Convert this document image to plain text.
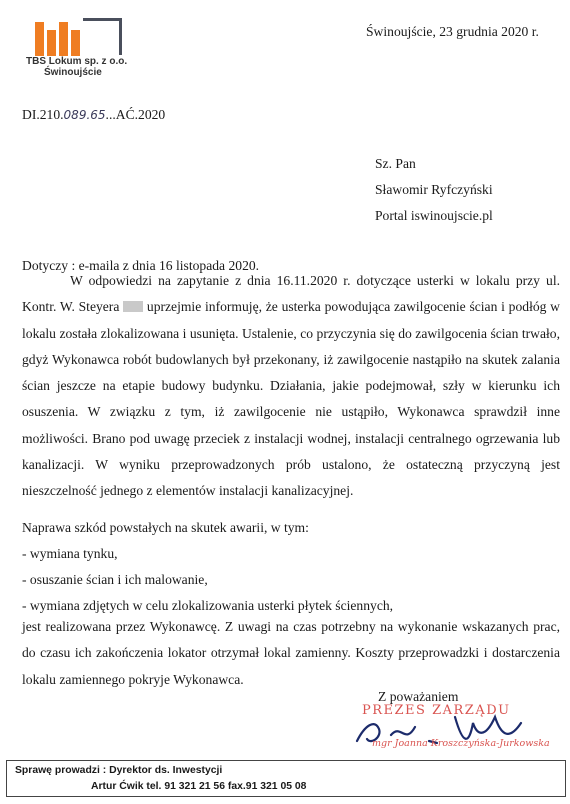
TBS Lokum sp. z o.o.
Świnoujście
Świnoujście, 23 grudnia 2020 r.
DI.210.089.65...AĆ.2020
Sz. Pan
Sławomir Ryfczyński
Portal iswinoujscie.pl
Dotyczy : e-maila z dnia 16 listopada 2020.

W odpowiedzi na zapytanie z dnia 16.11.2020 r. dotyczące usterki w lokalu przy ul. Kontr. W. Steyera  uprzejmie informuję, że usterka powodująca zawilgocenie ścian i podłóg w lokalu została zlokalizowana i usunięta. Ustalenie, co przyczynia się do zawilgocenia ścian trwało, gdyż Wykonawca robót budowlanych był przekonany, iż zawilgocenie nastąpiło na skutek zalania ścian jeszcze na etapie budowy budynku. Działania, jakie podejmował, szły w kierunku ich osuszenia. W związku z tym, iż zawilgocenie nie ustąpiło, Wykonawca sprawdził inne możliwości. Brano pod uwagę przeciek z instalacji wodnej, instalacji centralnego ogrzewania lub kanalizacji. W wyniku przeprowadzonych prób ustalono, że ostateczną przyczyną jest nieszczelność jednego z elementów instalacji kanalizacyjnej.

Naprawa szkód powstałych na skutek awarii, w tym:
- wymiana tynku,
- osuszanie ścian i ich malowanie,
- wymiana zdjętych w celu zlokalizowania usterki płytek ściennych,

jest realizowana przez Wykonawcę. Z uwagi na czas potrzebny na wykonanie wskazanych prac, do czasu ich zakończenia lokator otrzymał lokal zamienny. Koszty przeprowadzki i dostarczenia lokalu zamiennego pokryje Wykonawca.

Z poważaniem
PREZES ZARZĄDU
mgr Joanna Kroszczyńska-Jurkowska
Sprawę prowadzi : Dyrektor ds. Inwestycji
Artur Ćwik tel. 91 321 21 56 fax.91 321 05 08
